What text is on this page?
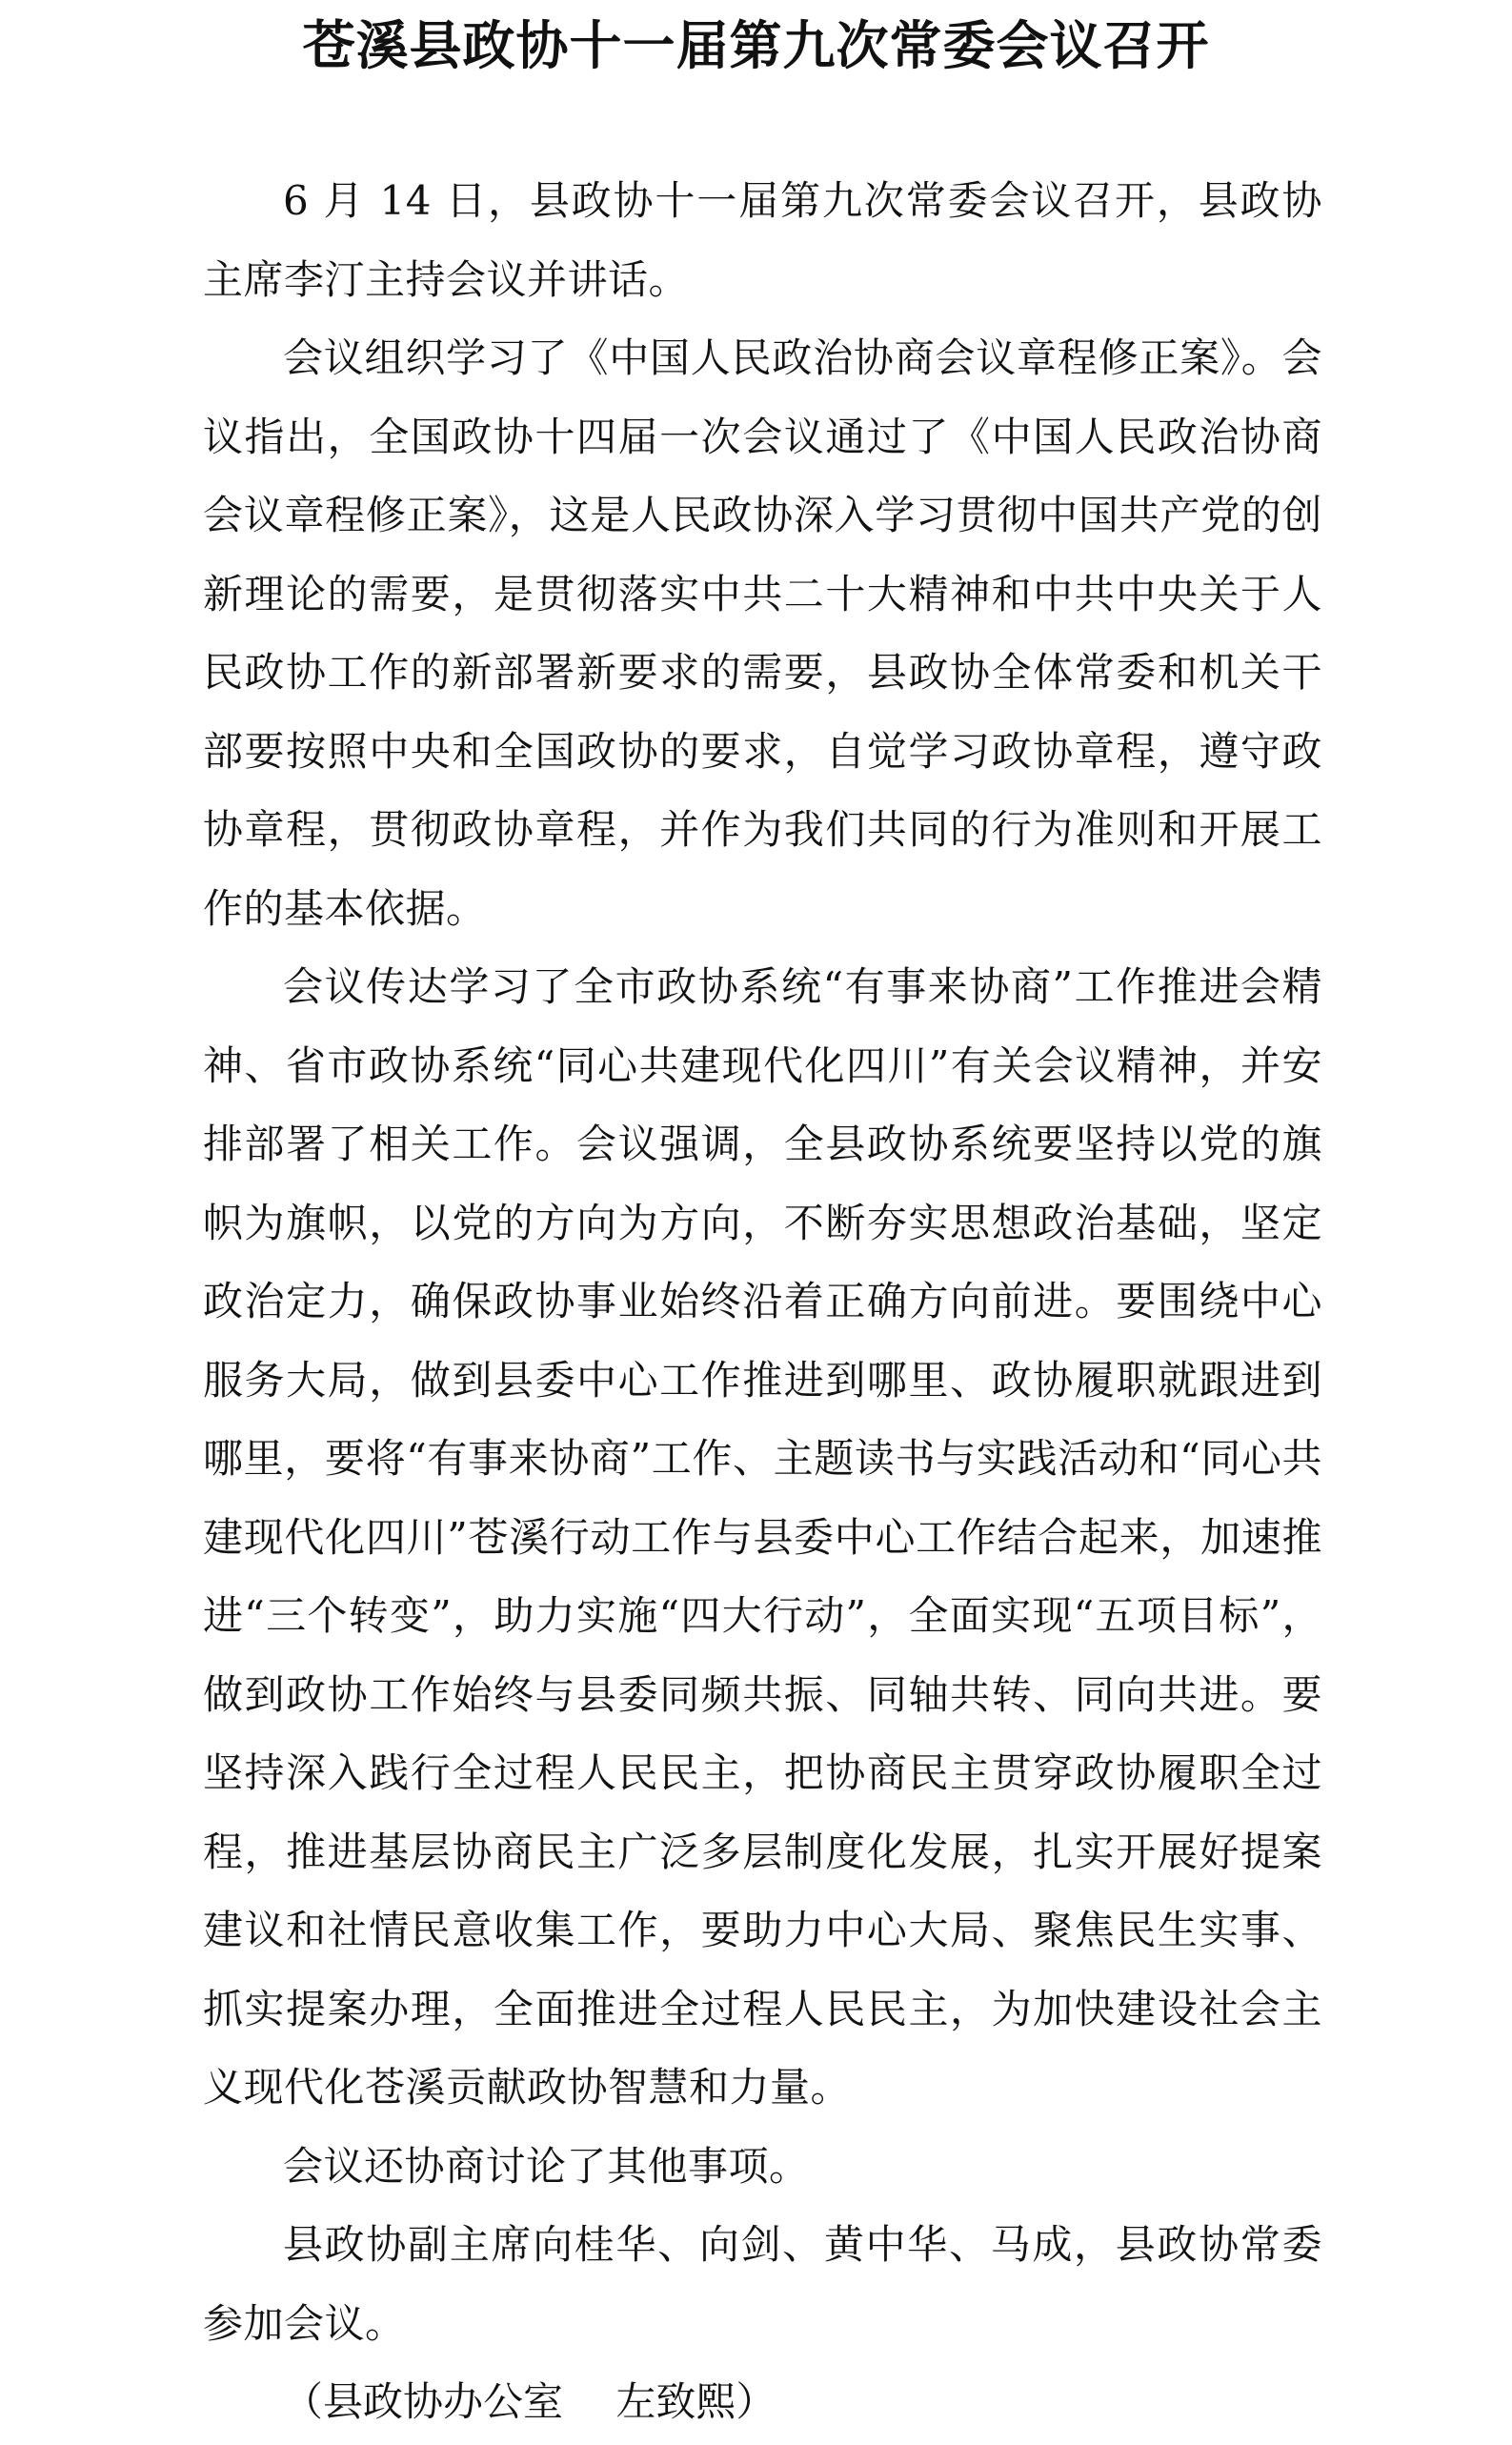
苍溪县政协十一届第九次常委会议召开

6 月 14 日，县政协十一届第九次常委会议召开，县政协主席李汀主持会议并讲话。

会议组织学习了《中国人民政治协商会议章程修正案》。会议指出，全国政协十四届一次会议通过了《中国人民政治协商会议章程修正案》，这是人民政协深入学习贯彻中国共产党的创新理论的需要，是贯彻落实中共二十大精神和中共中央关于人民政协工作的新部署新要求的需要，县政协全体常委和机关干部要按照中央和全国政协的要求，自觉学习政协章程，遵守政协章程，贯彻政协章程，并作为我们共同的行为准则和开展工作的基本依据。

会议传达学习了全市政协系统“有事来协商”工作推进会精神、省市政协系统“同心共建现代化四川”有关会议精神，并安排部署了相关工作。会议强调，全县政协系统要坚持以党的旗帜为旗帜，以党的方向为方向，不断夯实思想政治基础，坚定政治定力，确保政协事业始终沿着正确方向前进。要围绕中心服务大局，做到县委中心工作推进到哪里、政协履职就跟进到哪里，要将“有事来协商”工作、主题读书与实践活动和“同心共建现代化四川”苍溪行动工作与县委中心工作结合起来，加速推进“三个转变”，助力实施“四大行动”，全面实现“五项目标”，做到政协工作始终与县委同频共振、同轴共转、同向共进。要坚持深入践行全过程人民民主，把协商民主贯穿政协履职全过程，推进基层协商民主广泛多层制度化发展，扎实开展好提案建议和社情民意收集工作，要助力中心大局、聚焦民生实事、抓实提案办理，全面推进全过程人民民主，为加快建设社会主义现代化苍溪贡献政协智慧和力量。

会议还协商讨论了其他事项。

县政协副主席向桂华、向剑、黄中华、马成，县政协常委参加会议。

（县政协办公室　 左致熙）
